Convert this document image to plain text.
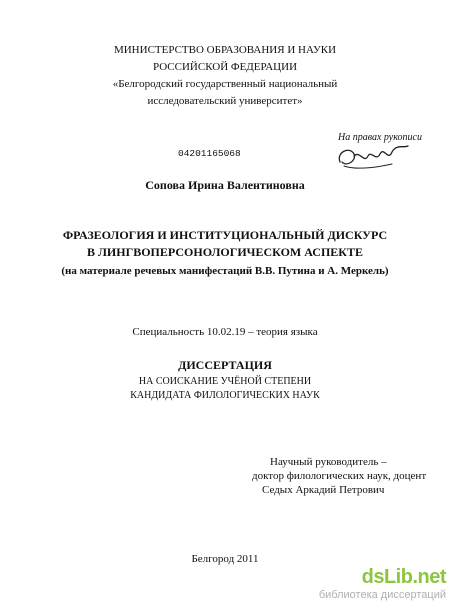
МИНИСТЕРСТВО ОБРАЗОВАНИЯ И НАУКИ
РОССИЙСКОЙ ФЕДЕРАЦИИ
«Белгородский государственный национальный
исследовательский университет»
На правах рукописи
04201165068
Сопова Ирина Валентиновна
ФРАЗЕОЛОГИЯ И ИНСТИТУЦИОНАЛЬНЫЙ ДИСКУРС
В ЛИНГВОПЕРСОНОЛОГИЧЕСКОМ АСПЕКТЕ
(на материале речевых манифестаций В.В. Путина и А. Меркель)
Специальность 10.02.19 – теория языка
ДИССЕРТАЦИЯ
НА СОИСКАНИЕ УЧЁНОЙ СТЕПЕНИ
КАНДИДАТА ФИЛОЛОГИЧЕСКИХ НАУК
Научный руководитель –
доктор филологических наук, доцент
Седых Аркадий Петрович
Белгород 2011
dsLib.net
библиотека диссертаций
